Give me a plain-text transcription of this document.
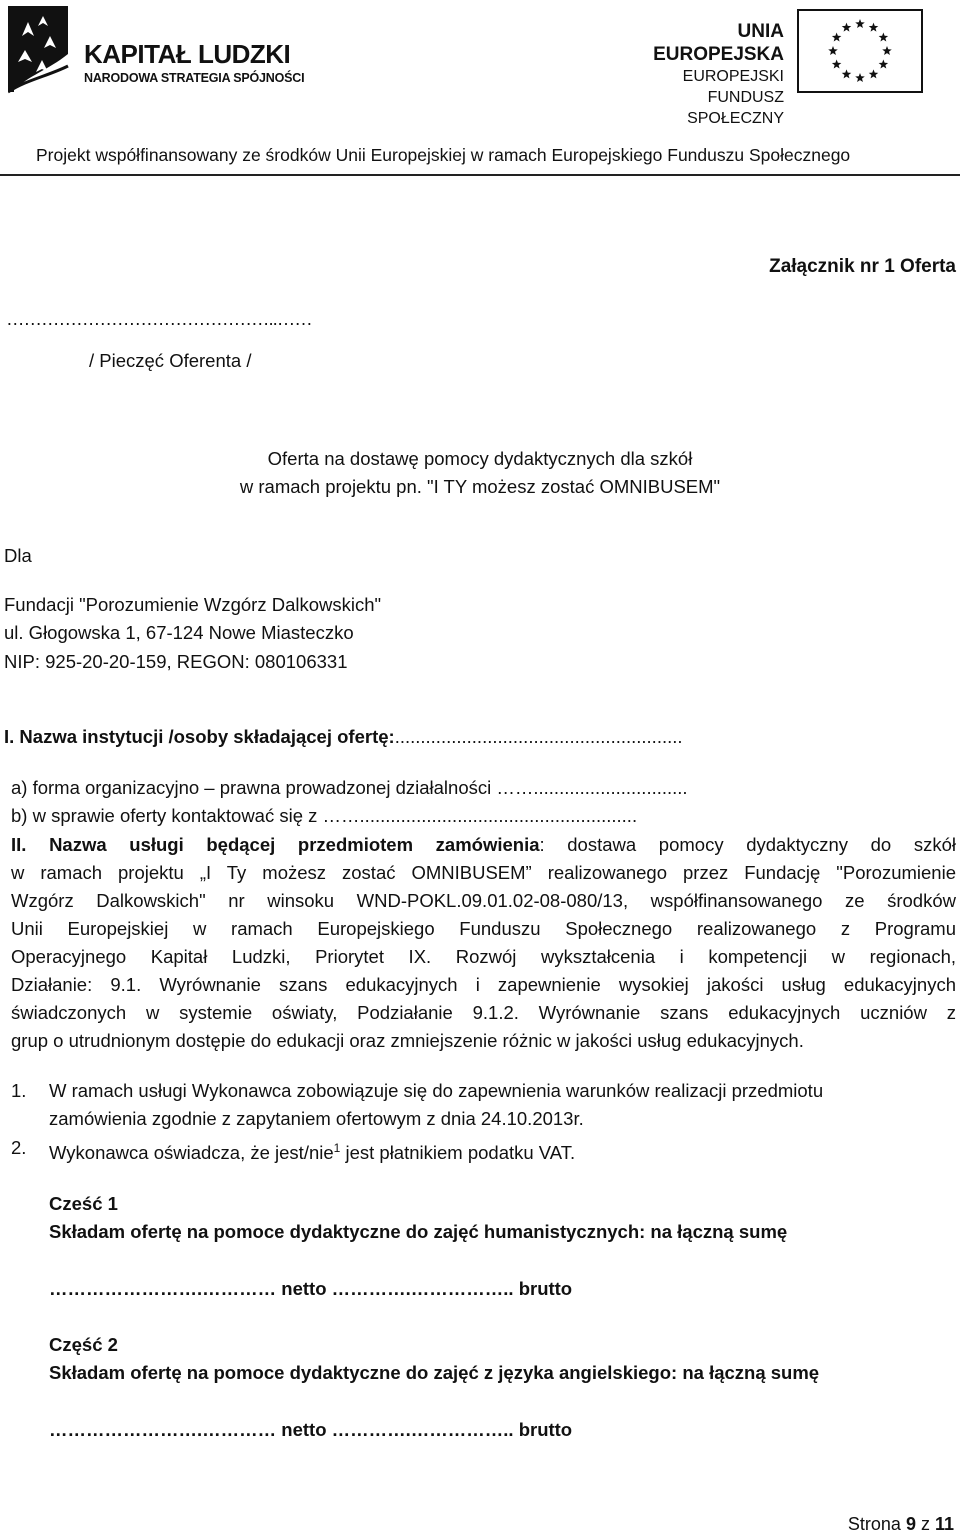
KAPITAŁ LUDZKI
NARODOWA STRATEGIA SPÓJNOŚCI
UNIA EUROPEJSKA
EUROPEJSKI
FUNDUSZ SPOŁECZNY
Projekt współfinansowany ze środków Unii Europejskiej w ramach Europejskiego Funduszu Społecznego
Załącznik nr 1 Oferta
………………………………………..……
/ Pieczęć Oferenta /
Oferta na dostawę pomocy dydaktycznych dla szkół
w ramach projektu pn. "I TY możesz zostać OMNIBUSEM"
Dla
Fundacji "Porozumienie Wzgórz Dalkowskich"
ul. Głogowska 1, 67-124 Nowe Miasteczko
NIP: 925-20-20-159, REGON: 080106331
I. Nazwa instytucji /osoby składającej ofertę:........................................................
a) forma organizacyjno – prawna prowadzonej działalności ……..............................
b) w sprawie oferty kontaktować się z ……......................................................
II. Nazwa usługi będącej przedmiotem zamówienia: dostawa pomocy dydaktyczny do szkół
w ramach projektu „I Ty możesz zostać OMNIBUSEM” realizowanego przez Fundację "Porozumienie
Wzgórz Dalkowskich" nr winsoku WND-POKL.09.01.02-08-080/13, współfinansowanego ze środków
Unii Europejskiej w ramach Europejskiego Funduszu Społecznego realizowanego z Programu
Operacyjnego Kapitał Ludzki, Priorytet IX. Rozwój wykształcenia i kompetencji w regionach,
Działanie: 9.1. Wyrównanie szans edukacyjnych i zapewnienie wysokiej jakości usług edukacyjnych
świadczonych w systemie oświaty, Podziałanie 9.1.2. Wyrównanie szans edukacyjnych uczniów z
grup o utrudnionym dostępie do edukacji oraz zmniejszenie różnic w jakości usług edukacyjnych.
1. W ramach usługi Wykonawca zobowiązuje się do zapewnienia warunków realizacji przedmiotu
zamówienia zgodnie z zapytaniem ofertowym z dnia 24.10.2013r.
2. Wykonawca oświadcza, że jest/nie$^1$ jest płatnikiem podatku VAT.
Cześć 1
Składam ofertę na pomoce dydaktyczne do zajęć humanistycznych: na łączną sumę
…………………….………… netto ………….…………….. brutto
Część 2
Składam ofertę na pomoce dydaktyczne do zajęć z języka angielskiego: na łączną sumę
…………………….………… netto ………….…………….. brutto
Strona 9 z 11
